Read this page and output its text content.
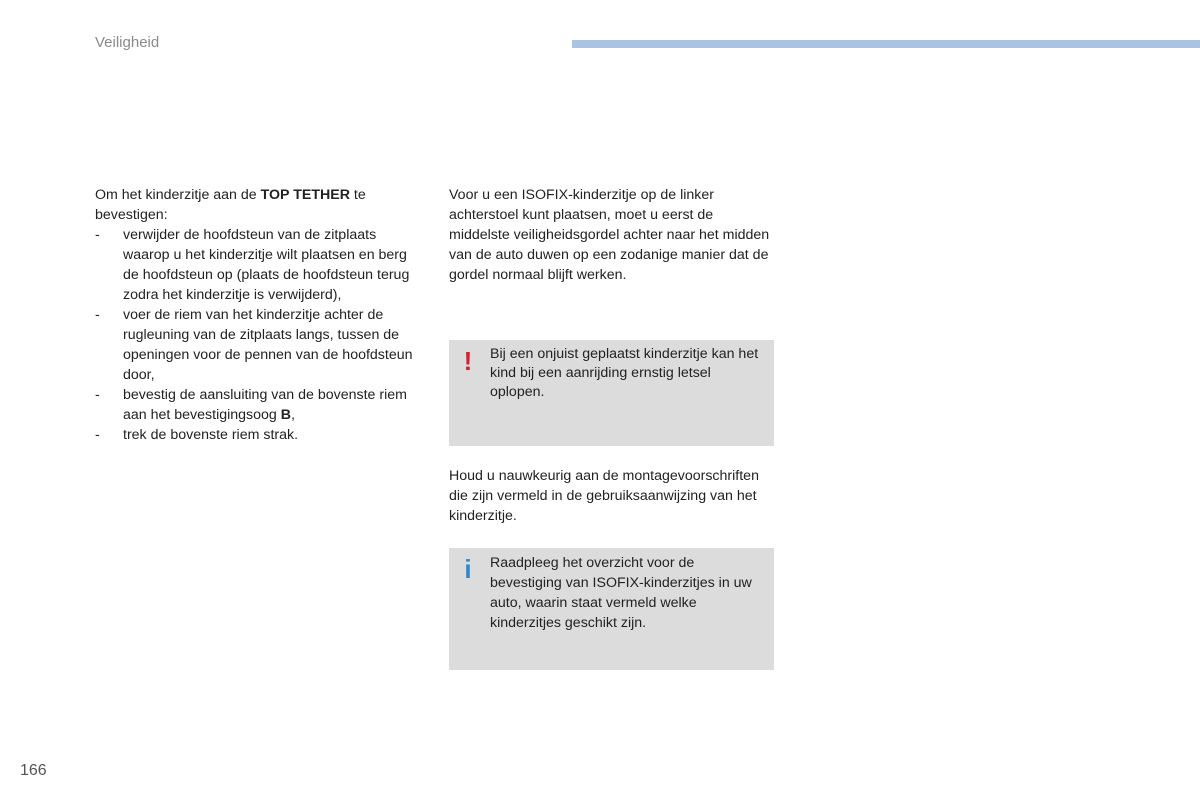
Veiligheid

Om het kinderzitje aan de TOP TETHER te bevestigen:

- verwijder de hoofdsteun van de zitplaats waarop u het kinderzitje wilt plaatsen en berg de hoofdsteun op (plaats de hoofdsteun terug zodra het kinderzitje is verwijderd),
- voer de riem van het kinderzitje achter de rugleuning van de zitplaats langs, tussen de openingen voor de pennen van de hoofdsteun door,
- bevestig de aansluiting van de bovenste riem aan het bevestigingsoog B,
- trek de bovenste riem strak.

Voor u een ISOFIX-kinderzitje op de linker achterstoel kunt plaatsen, moet u eerst de middelste veiligheidsgordel achter naar het midden van de auto duwen op een zodanige manier dat de gordel normaal blijft werken.

! Bij een onjuist geplaatst kinderzitje kan het kind bij een aanrijding ernstig letsel oplopen.
Houd u nauwkeurig aan de montagevoorschriften die zijn vermeld in de gebruiksaanwijzing van het kinderzitje.
i Raadpleeg het overzicht voor de bevestiging van ISOFIX-kinderzitjes in uw auto, waarin staat vermeld welke kinderzitjes geschikt zijn.
166
